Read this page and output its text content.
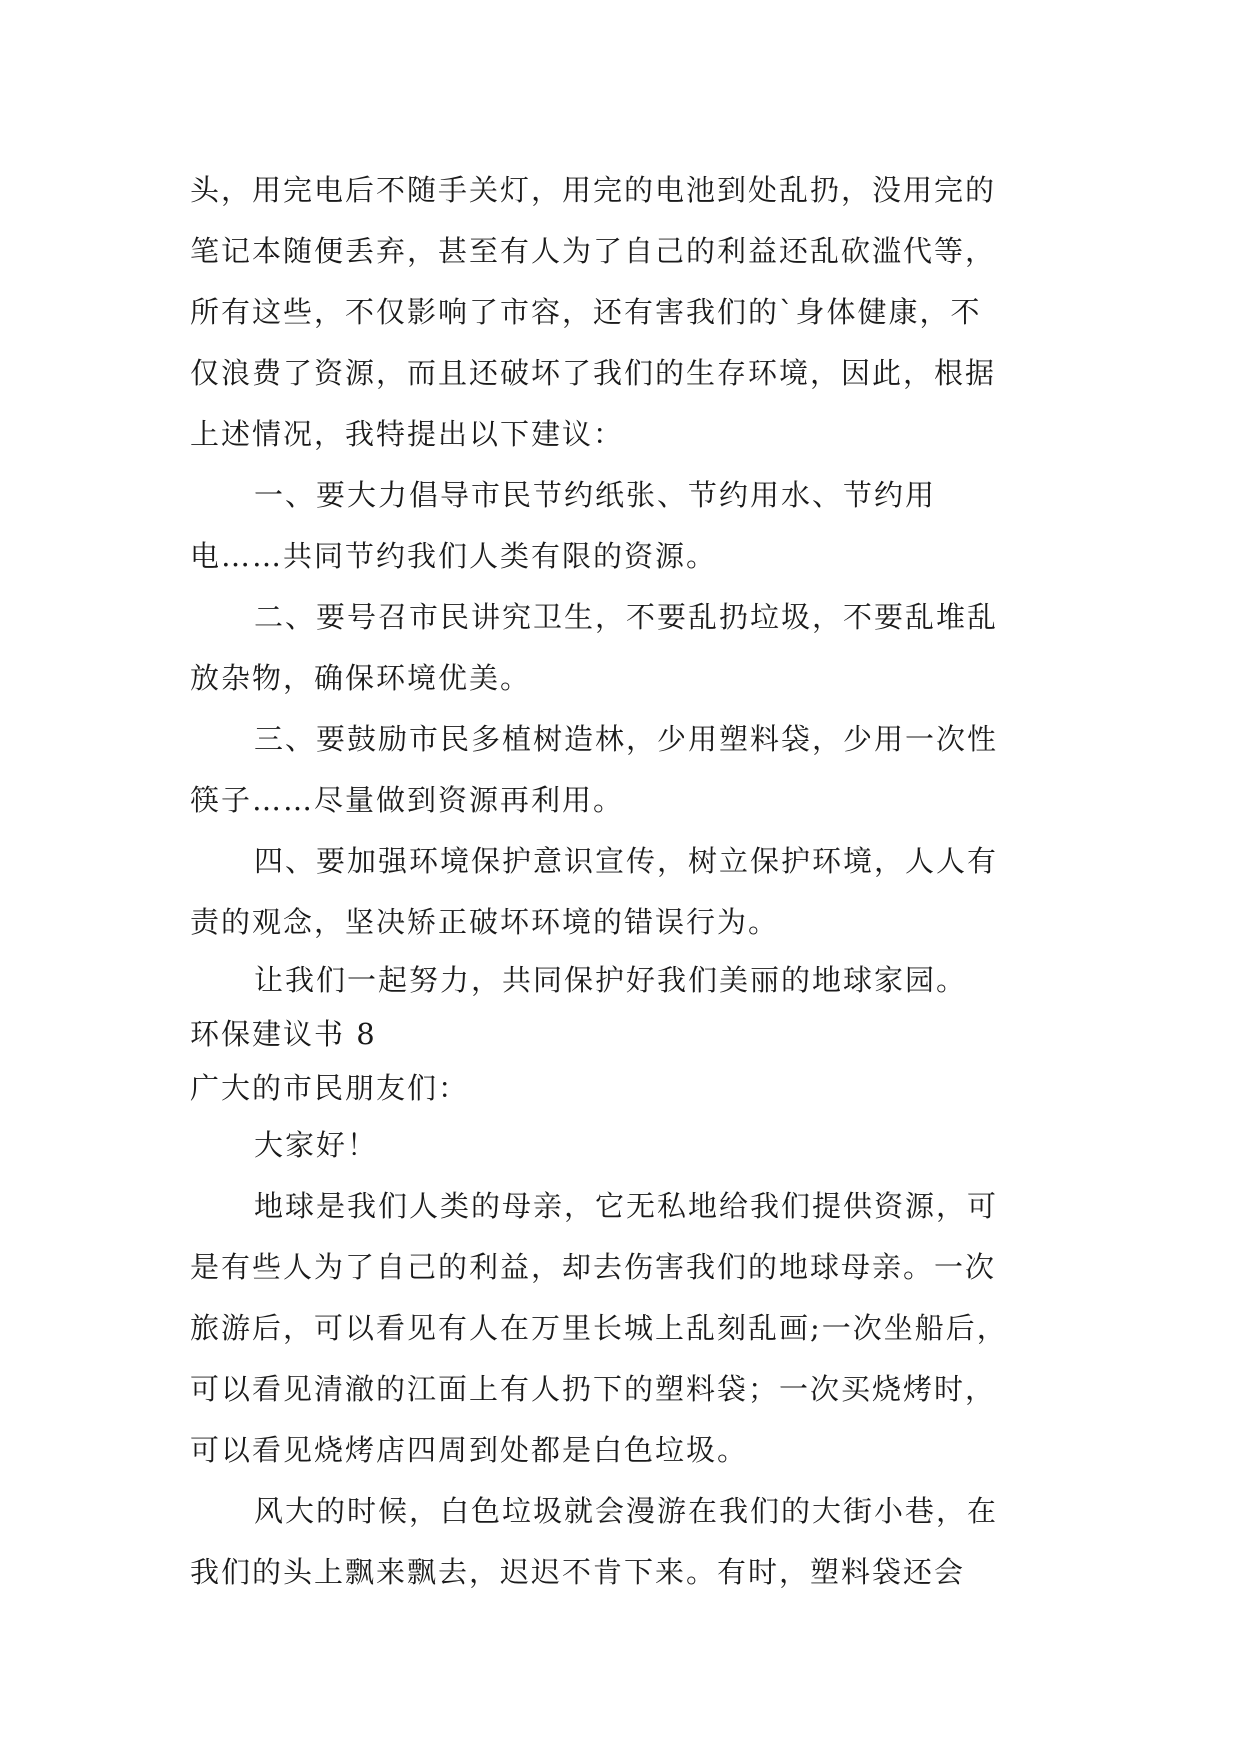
头，用完电后不随手关灯，用完的电池到处乱扔，没用完的
笔记本随便丢弃，甚至有人为了自己的利益还乱砍滥代等，
所有这些，不仅影响了市容，还有害我们的`身体健康，不
仅浪费了资源，而且还破坏了我们的生存环境，因此，根据
上述情况，我特提出以下建议：
一、要大力倡导市民节约纸张、节约用水、节约用
电……共同节约我们人类有限的资源。
二、要号召市民讲究卫生，不要乱扔垃圾，不要乱堆乱
放杂物，确保环境优美。
三、要鼓励市民多植树造林，少用塑料袋，少用一次性
筷子……尽量做到资源再利用。
四、要加强环境保护意识宣传，树立保护环境，人人有
责的观念，坚决矫正破坏环境的错误行为。
让我们一起努力，共同保护好我们美丽的地球家园。
环保建议书 8
广大的市民朋友们：
大家好！
地球是我们人类的母亲，它无私地给我们提供资源，可
是有些人为了自己的利益，却去伤害我们的地球母亲。一次
旅游后，可以看见有人在万里长城上乱刻乱画;一次坐船后，
可以看见清澈的江面上有人扔下的塑料袋；一次买烧烤时，
可以看见烧烤店四周到处都是白色垃圾。
风大的时候，白色垃圾就会漫游在我们的大街小巷，在
我们的头上飘来飘去，迟迟不肯下来。有时，塑料袋还会
